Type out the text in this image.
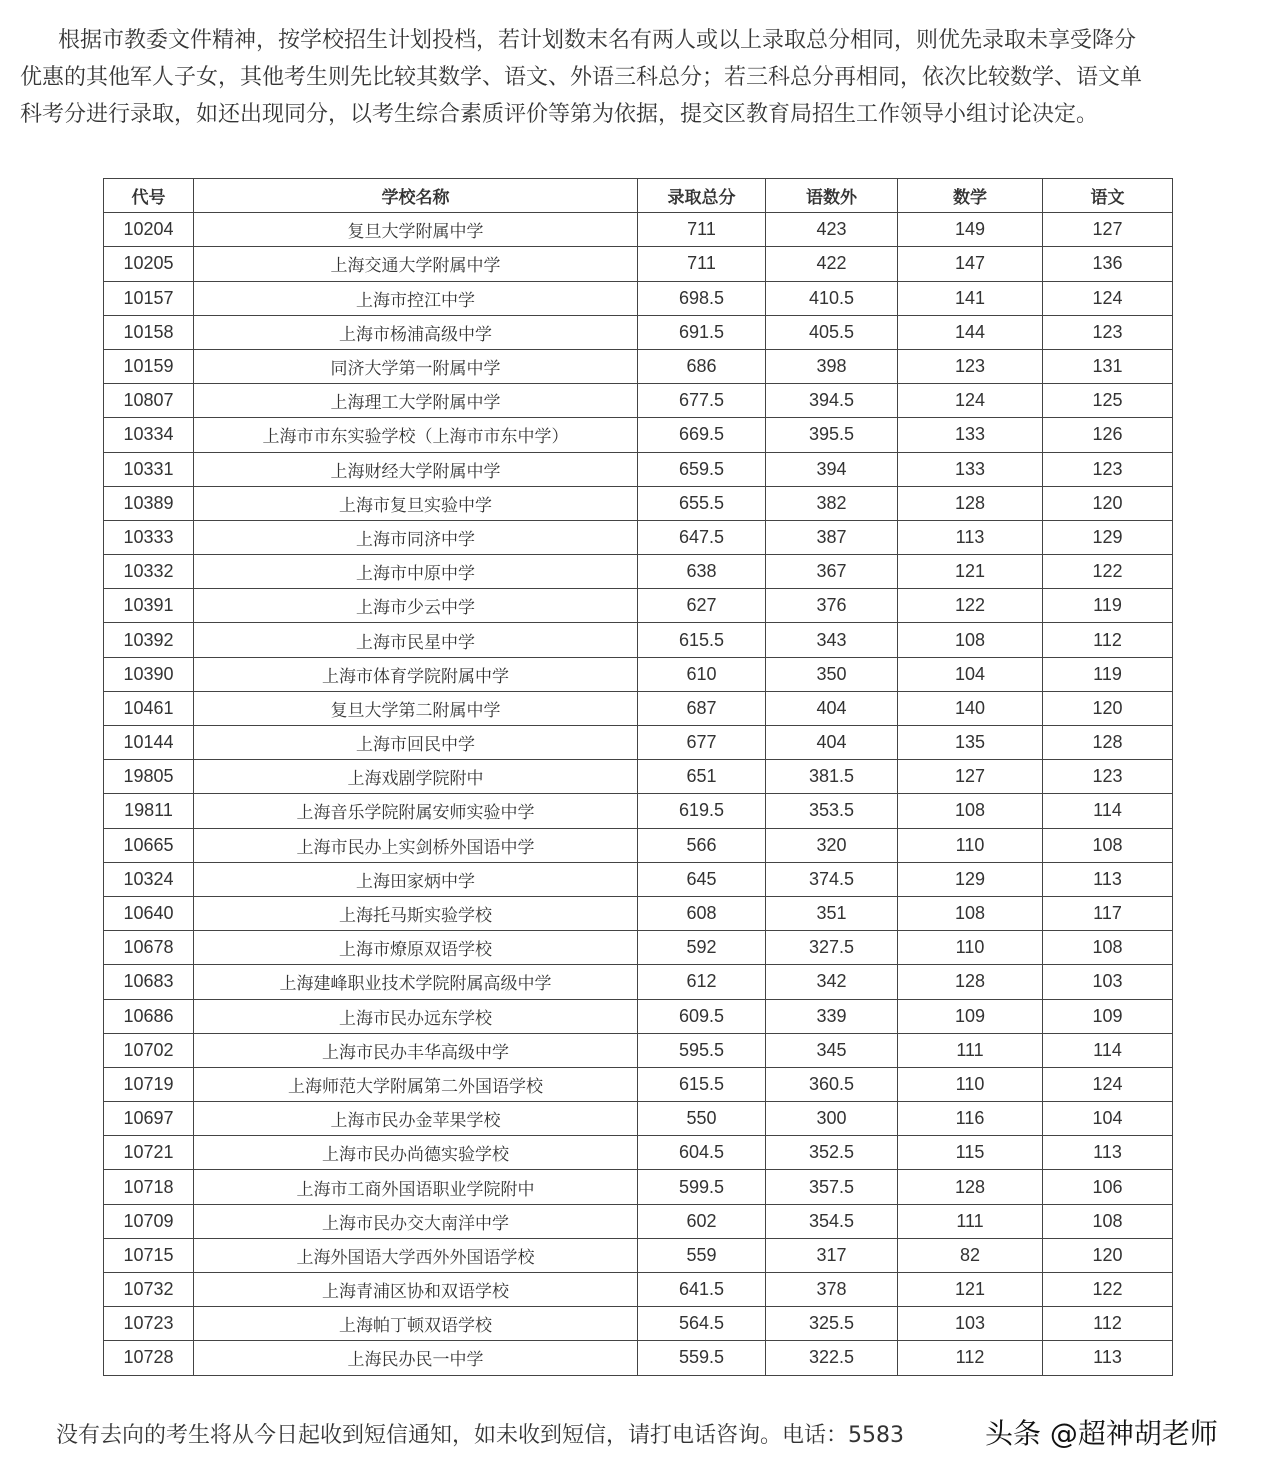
根据市教委文件精神，按学校招生计划投档，若计划数末名有两人或以上录取总分相同，则优先录取未享受降分
优惠的其他军人子女，其他考生则先比较其数学、语文、外语三科总分；若三科总分再相同，依次比较数学、语文单
科考分进行录取，如还出现同分，以考生综合素质评价等第为依据，提交区教育局招生工作领导小组讨论决定。
代号	学校名称	录取总分	语数外	数学	语文
10204	复旦大学附属中学	711	423	149	127
10205	上海交通大学附属中学	711	422	147	136
10157	上海市控江中学	698.5	410.5	141	124
10158	上海市杨浦高级中学	691.5	405.5	144	123
10159	同济大学第一附属中学	686	398	123	131
10807	上海理工大学附属中学	677.5	394.5	124	125
10334	上海市市东实验学校（上海市市东中学）	669.5	395.5	133	126
10331	上海财经大学附属中学	659.5	394	133	123
10389	上海市复旦实验中学	655.5	382	128	120
10333	上海市同济中学	647.5	387	113	129
10332	上海市中原中学	638	367	121	122
10391	上海市少云中学	627	376	122	119
10392	上海市民星中学	615.5	343	108	112
10390	上海市体育学院附属中学	610	350	104	119
10461	复旦大学第二附属中学	687	404	140	120
10144	上海市回民中学	677	404	135	128
19805	上海戏剧学院附中	651	381.5	127	123
19811	上海音乐学院附属安师实验中学	619.5	353.5	108	114
10665	上海市民办上实剑桥外国语中学	566	320	110	108
10324	上海田家炳中学	645	374.5	129	113
10640	上海托马斯实验学校	608	351	108	117
10678	上海市燎原双语学校	592	327.5	110	108
10683	上海建峰职业技术学院附属高级中学	612	342	128	103
10686	上海市民办远东学校	609.5	339	109	109
10702	上海市民办丰华高级中学	595.5	345	111	114
10719	上海师范大学附属第二外国语学校	615.5	360.5	110	124
10697	上海市民办金苹果学校	550	300	116	104
10721	上海市民办尚德实验学校	604.5	352.5	115	113
10718	上海市工商外国语职业学院附中	599.5	357.5	128	106
10709	上海市民办交大南洋中学	602	354.5	111	108
10715	上海外国语大学西外外国语学校	559	317	82	120
10732	上海青浦区协和双语学校	641.5	378	121	122
10723	上海帕丁顿双语学校	564.5	325.5	103	112
10728	上海民办民一中学	559.5	322.5	112	113
没有去向的考生将从今日起收到短信通知，如未收到短信，请打电话咨询。电话：5583	头条 @超神胡老师
